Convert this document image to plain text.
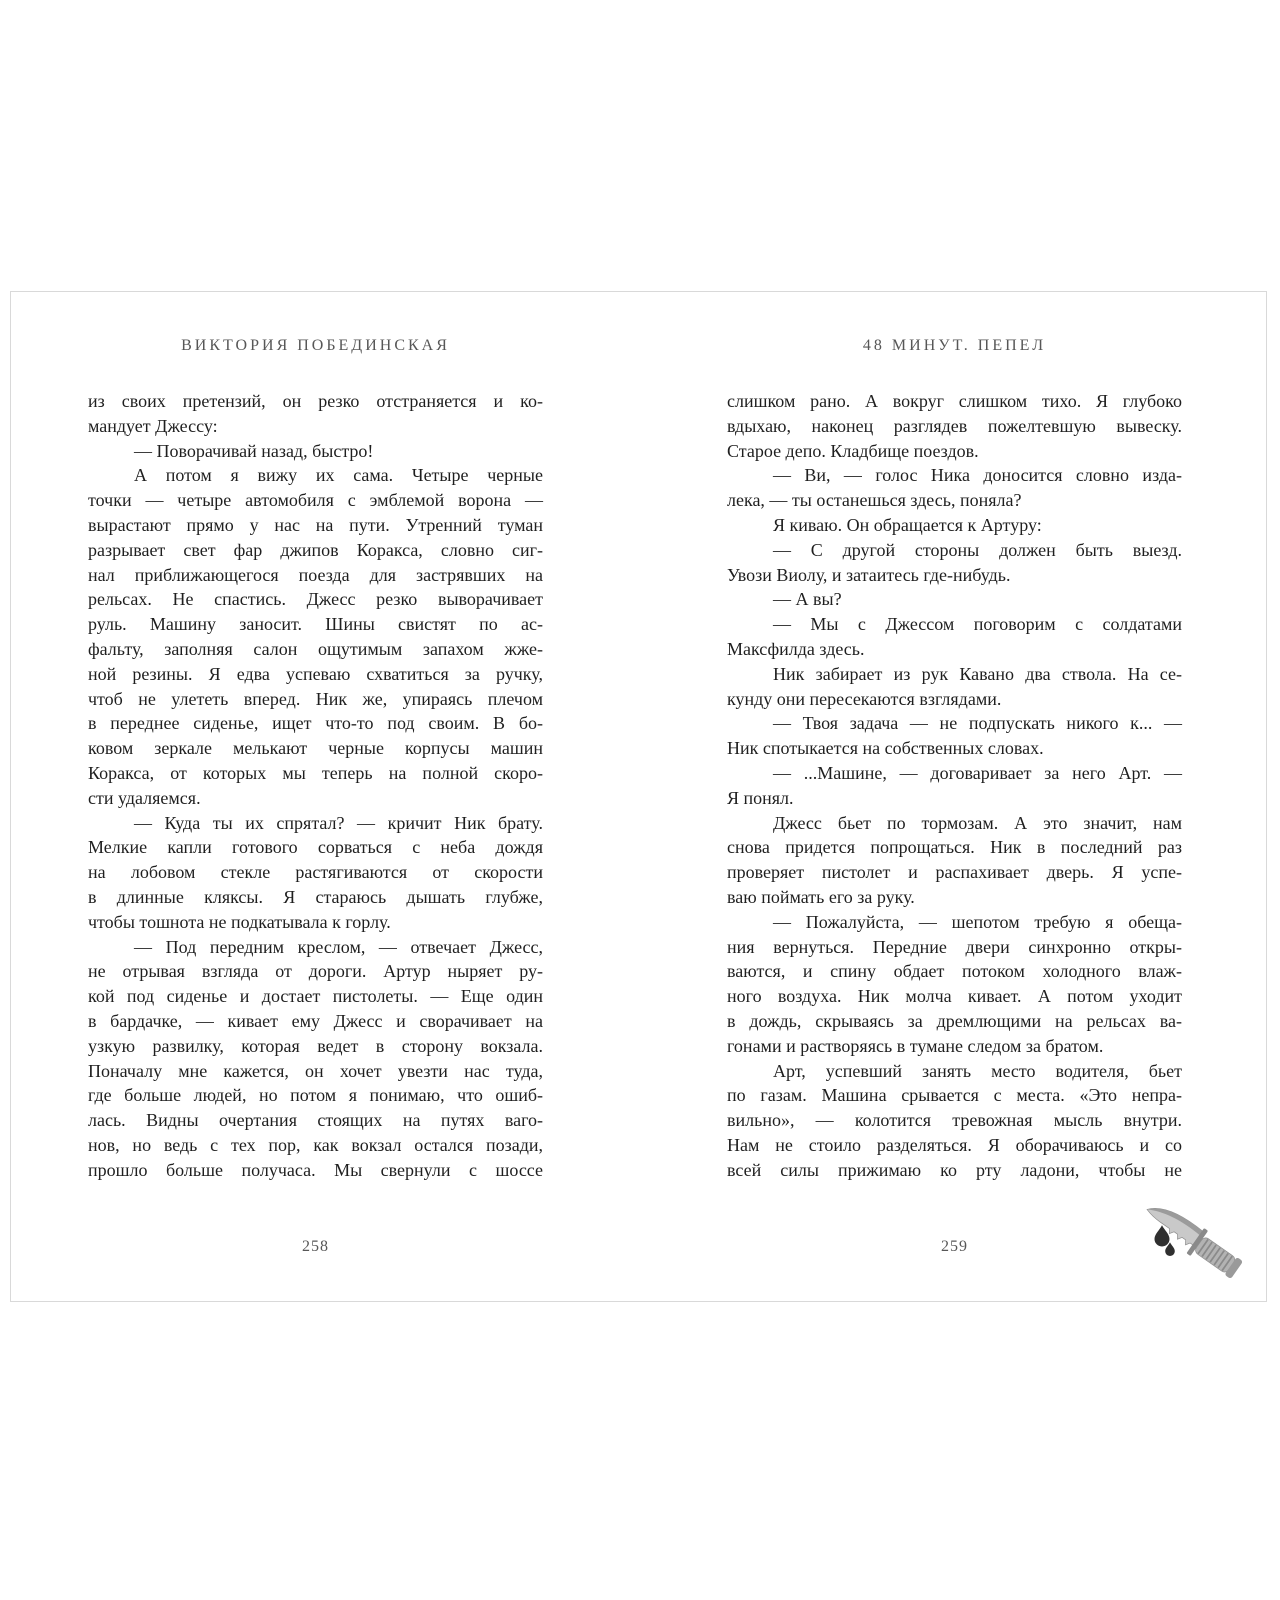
ВИКТОРИЯ ПОБЕДИНСКАЯ	48 МИНУТ. ПЕПЕЛ
из своих претензий, он резко отстраняется и ко-
мандует Джессу:
— Поворачивай назад, быстро!
А потом я вижу их сама. Четыре черные
точки — четыре автомобиля с эмблемой ворона —
вырастают прямо у нас на пути. Утренний туман
разрывает свет фар джипов Коракса, словно сиг-
нал приближающегося поезда для застрявших на
рельсах. Не спастись. Джесс резко выворачивает
руль. Машину заносит. Шины свистят по ас-
фальту, заполняя салон ощутимым запахом жже-
ной резины. Я едва успеваю схватиться за ручку,
чтоб не улететь вперед. Ник же, упираясь плечом
в переднее сиденье, ищет что-то под своим. В бо-
ковом зеркале мелькают черные корпусы машин
Коракса, от которых мы теперь на полной скоро-
сти удаляемся.
— Куда ты их спрятал? — кричит Ник брату.
Мелкие капли готового сорваться с неба дождя
на лобовом стекле растягиваются от скорости
в длинные кляксы. Я стараюсь дышать глубже,
чтобы тошнота не подкатывала к горлу.
— Под передним креслом, — отвечает Джесс,
не отрывая взгляда от дороги. Артур ныряет ру-
кой под сиденье и достает пистолеты. — Еще один
в бардачке, — кивает ему Джесс и сворачивает на
узкую развилку, которая ведет в сторону вокзала.
Поначалу мне кажется, он хочет увезти нас туда,
где больше людей, но потом я понимаю, что ошиб-
лась. Видны очертания стоящих на путях ваго-
нов, но ведь с тех пор, как вокзал остался позади,
прошло больше получаса. Мы свернули с шоссе
слишком рано. А вокруг слишком тихо. Я глубоко
вдыхаю, наконец разглядев пожелтевшую вывеску.
Старое депо. Кладбище поездов.
— Ви, — голос Ника доносится словно изда-
лека, — ты останешься здесь, поняла?
Я киваю. Он обращается к Артуру:
— С другой стороны должен быть выезд.
Увози Виолу, и затаитесь где-нибудь.
— А вы?
— Мы с Джессом поговорим с солдатами
Максфилда здесь.
Ник забирает из рук Кавано два ствола. На се-
кунду они пересекаются взглядами.
— Твоя задача — не подпускать никого к... —
Ник спотыкается на собственных словах.
— ...Машине, — договаривает за него Арт. —
Я понял.
Джесс бьет по тормозам. А это значит, нам
снова придется попрощаться. Ник в последний раз
проверяет пистолет и распахивает дверь. Я успе-
ваю поймать его за руку.
— Пожалуйста, — шепотом требую я обеща-
ния вернуться. Передние двери синхронно откры-
ваются, и спину обдает потоком холодного влаж-
ного воздуха. Ник молча кивает. А потом уходит
в дождь, скрываясь за дремлющими на рельсах ва-
гонами и растворяясь в тумане следом за братом.
Арт, успевший занять место водителя, бьет
по газам. Машина срывается с места. «Это непра-
вильно», — колотится тревожная мысль внутри.
Нам не стоило разделяться. Я оборачиваюсь и со
всей силы прижимаю ко рту ладони, чтобы не
258	259
